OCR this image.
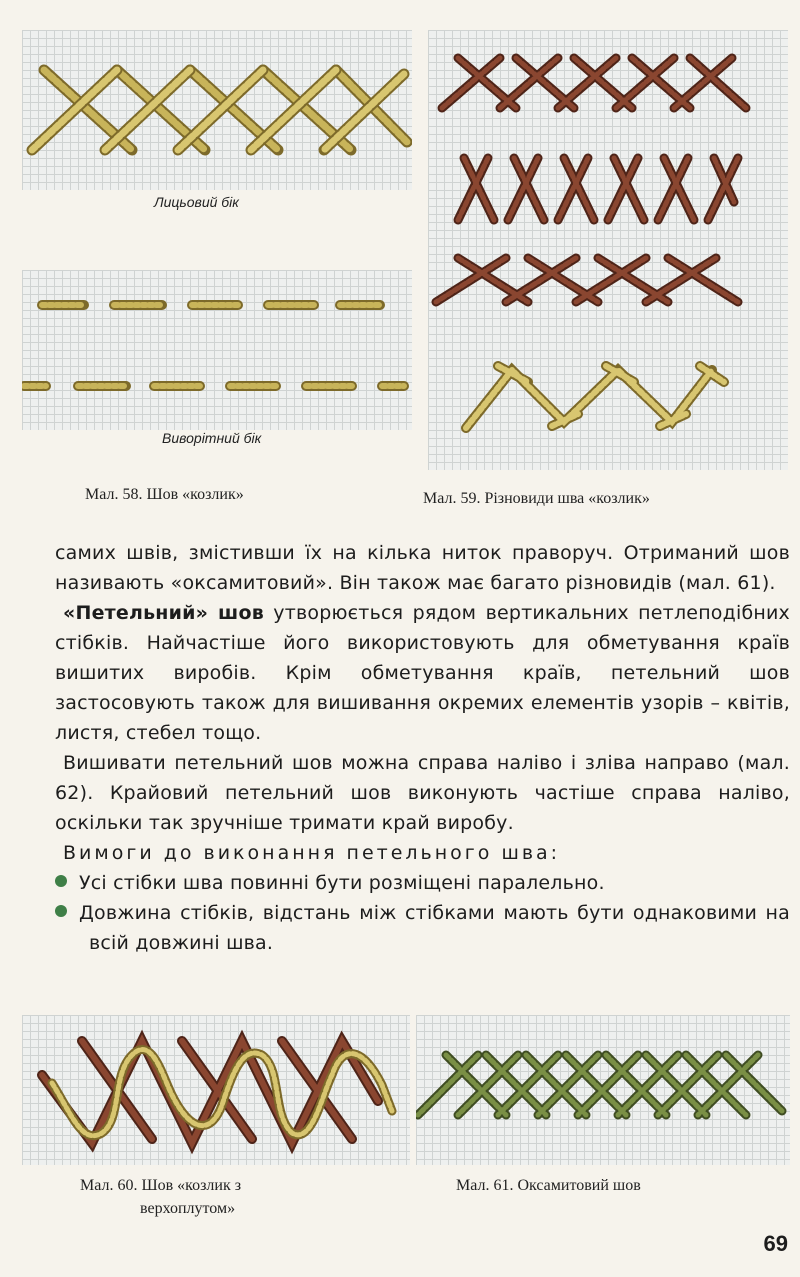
Лицьовий бік
Виворітний бік
Мал. 58. Шов «козлик»	Мал. 59. Різновиди шва «козлик»

самих швів, змістивши їх на кілька ниток праворуч. Отриманий шов називають «оксамитовий». Він також має багато різновидів (мал. 61).

«Петельний» шов утворюється рядом вертикальних петлеподібних стібків. Найчастіше його використовують для обметування країв вишитих виробів. Крім обметування країв, петельний шов застосовують також для вишивання окремих елементів узорів – квітів, листя, стебел тощо.

Вишивати петельний шов можна справа наліво і зліва направо (мал. 62). Крайовий петельний шов виконують частіше справа наліво, оскільки так зручніше тримати край виробу.

Вимоги до виконання петельного шва:

Усі стібки шва повинні бути розміщені паралельно.

Довжина стібків, відстань між стібками мають бути однаковими на всій довжині шва.

Мал. 60. Шов «козлик з
верхоплутом»
Мал. 61. Оксамитовий шов
69
